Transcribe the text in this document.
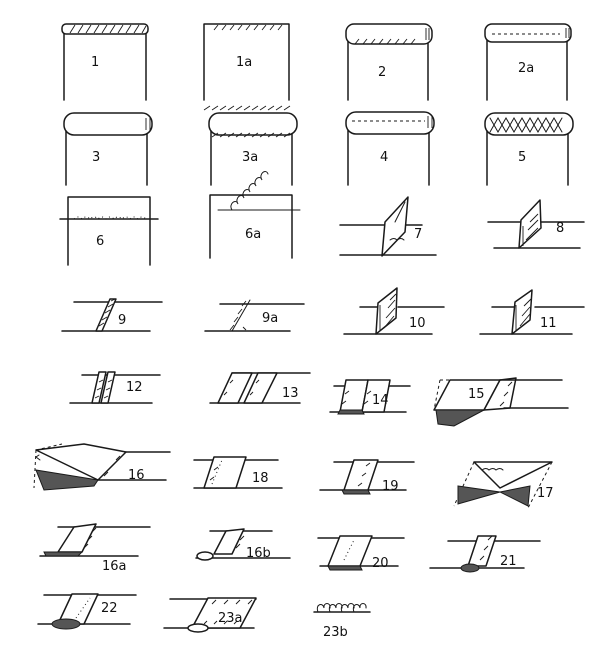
1	1a
2	2a
3	3a	4	5
6	6a	7	8
9	9a	10	11
12	13	14	15
16	18
19	17
16a
16b
20	21
22
23a
23b
